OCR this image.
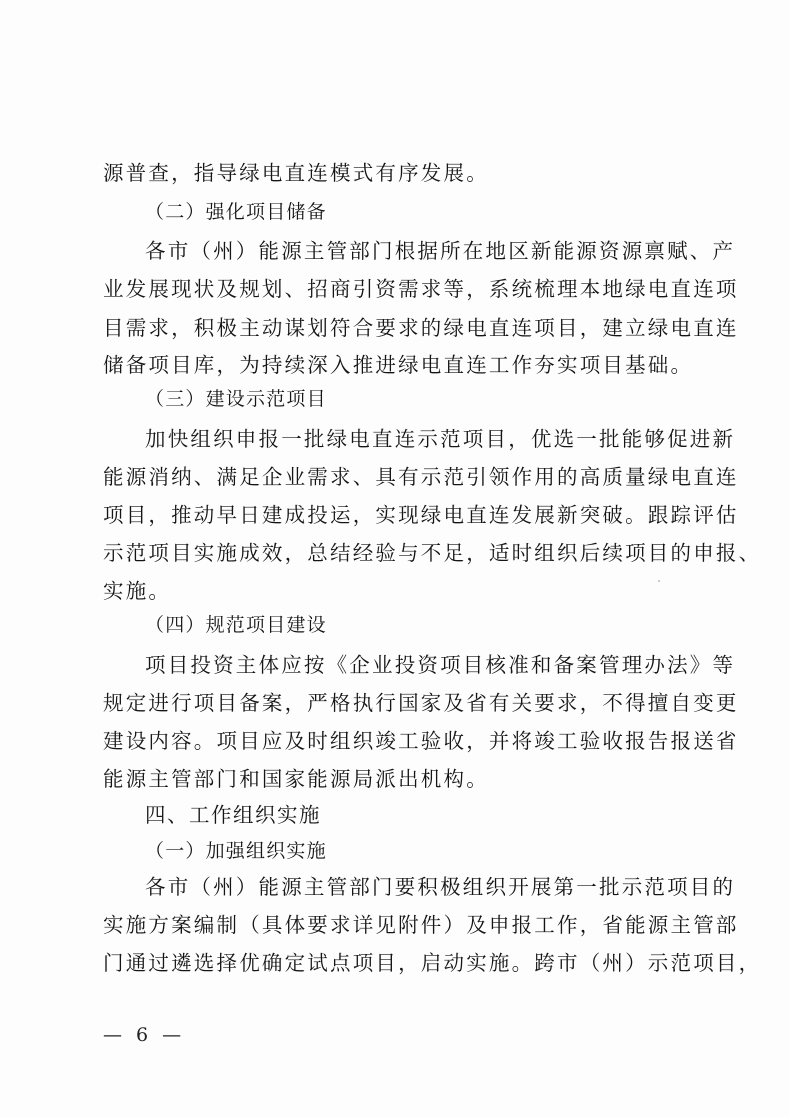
源普查，指导绿电直连模式有序发展。
（二）强化项目储备
各市（州）能源主管部门根据所在地区新能源资源禀赋、产
业发展现状及规划、招商引资需求等，系统梳理本地绿电直连项
目需求，积极主动谋划符合要求的绿电直连项目，建立绿电直连
储备项目库，为持续深入推进绿电直连工作夯实项目基础。
（三）建设示范项目
加快组织申报一批绿电直连示范项目，优选一批能够促进新
能源消纳、满足企业需求、具有示范引领作用的高质量绿电直连
项目，推动早日建成投运，实现绿电直连发展新突破。跟踪评估
示范项目实施成效，总结经验与不足，适时组织后续项目的申报、
实施。
（四）规范项目建设
项目投资主体应按《企业投资项目核准和备案管理办法》等
规定进行项目备案，严格执行国家及省有关要求，不得擅自变更
建设内容。项目应及时组织竣工验收，并将竣工验收报告报送省
能源主管部门和国家能源局派出机构。
四、工作组织实施
（一）加强组织实施
各市（州）能源主管部门要积极组织开展第一批示范项目的
实施方案编制（具体要求详见附件）及申报工作，省能源主管部
门通过遴选择优确定试点项目，启动实施。跨市（州）示范项目，
— 6 —
